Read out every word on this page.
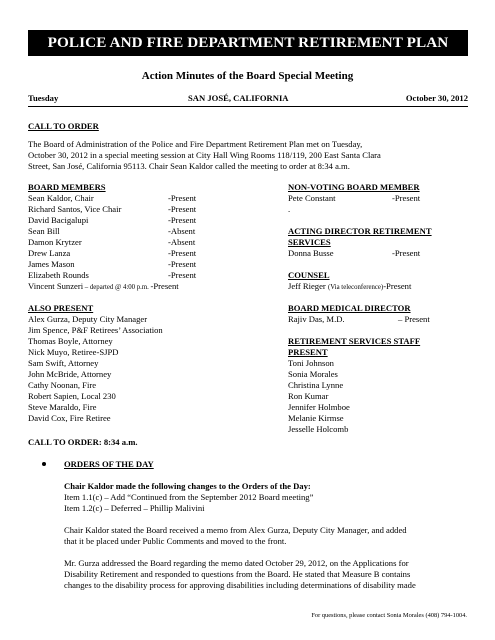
POLICE AND FIRE DEPARTMENT RETIREMENT PLAN
Action Minutes of the Board Special Meeting
Tuesday	SAN JOSÉ, CALIFORNIA	October 30, 2012
CALL TO ORDER
The Board of Administration of the Police and Fire Department Retirement Plan met on Tuesday,
October 30, 2012 in a special meeting session at City Hall Wing Rooms 118/119, 200 East Santa Clara
Street, San José, California 95113. Chair Sean Kaldor called the meeting to order at 8:34 a.m.
BOARD MEMBERS
Sean Kaldor, Chair	-Present
Richard Santos, Vice Chair	-Present
David Bacigalupi	-Present
Sean Bill	-Absent
Damon Krytzer	-Absent
Drew Lanza	-Present
James Mason	-Present
Elizabeth Rounds	-Present
Vincent Sunzeri – departed @ 4:00 p.m. -Present
NON-VOTING BOARD MEMBER
Pete Constant	-Present
.
ACTING DIRECTOR RETIREMENT
SERVICES
Donna Busse	-Present
COUNSEL
Jeff Rieger (Via teleconference)-Present
ALSO PRESENT
Alex Gurza, Deputy City Manager
Jim Spence, P&F Retirees’ Association
Thomas Boyle, Attorney
Nick Muyo, Retiree-SJPD
Sam Swift, Attorney
John McBride, Attorney
Cathy Noonan, Fire
Robert Sapien, Local 230
Steve Maraldo, Fire
David Cox, Fire Retiree
BOARD MEDICAL DIRECTOR
Rajiv Das, M.D.	– Present
RETIREMENT SERVICES STAFF
PRESENT
Toni Johnson
Sonia Morales
Christina Lynne
Ron Kumar
Jennifer Holmboe
Melanie Kirmse
Jesselle Holcomb
CALL TO ORDER: 8:34 a.m.
ORDERS OF THE DAY
Chair Kaldor made the following changes to the Orders of the Day:
Item 1.1(c) – Add “Continued from the September 2012 Board meeting”
Item 1.2(c) – Deferred – Phillip Malivini
Chair Kaldor stated the Board received a memo from Alex Gurza, Deputy City Manager, and added
that it be placed under Public Comments and moved to the front.
Mr. Gurza addressed the Board regarding the memo dated October 29, 2012, on the Applications for
Disability Retirement and responded to questions from the Board. He stated that Measure B contains
changes to the disability process for approving disabilities including determinations of disability made
For questions, please contact Sonia Morales (408) 794-1004.
